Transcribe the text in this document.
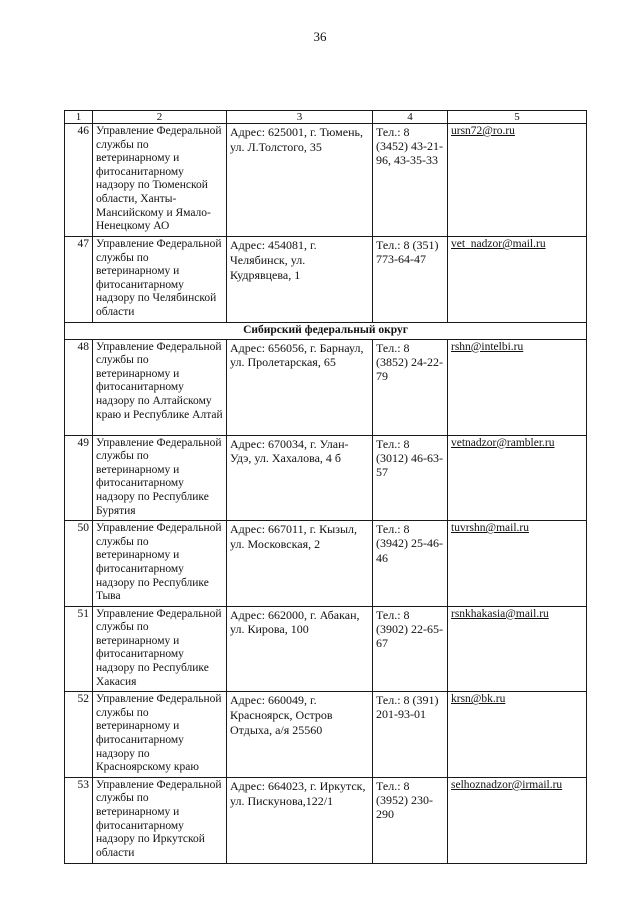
36
1	2	3	4	5
46	Управление Федеральной службы по ветеринарному и фитосанитарному надзору по Тюменской области, Ханты-Мансийскому и Ямало-Ненецкому АО	Адрес: 625001, г. Тюмень, ул. Л.Толстого, 35	Тел.: 8 (3452) 43-21-96, 43-35-33	ursn72@ro.ru
47	Управление Федеральной службы по ветеринарному и фитосанитарному надзору по Челябинской области	Адрес: 454081, г. Челябинск, ул. Кудрявцева, 1	Тел.: 8 (351) 773-64-47	vet_nadzor@mail.ru
Сибирский федеральный округ				
48	Управление Федеральной службы по ветеринарному и фитосанитарному надзору по Алтайскому краю и Республике Алтай	Адрес: 656056, г. Барнаул, ул. Пролетарская, 65	Тел.: 8 (3852) 24-22-79	rshn@intelbi.ru
49	Управление Федеральной службы по ветеринарному и фитосанитарному надзору по Республике Бурятия	Адрес: 670034, г. Улан-Удэ, ул. Хахалова, 4 б	Тел.: 8 (3012) 46-63-57	vetnadzor@rambler.ru
50	Управление Федеральной службы по ветеринарному и фитосанитарному надзору по Республике Тыва	Адрес: 667011, г. Кызыл, ул. Московская, 2	Тел.: 8 (3942) 25-46-46	tuvrshn@mail.ru
51	Управление Федеральной службы по ветеринарному и фитосанитарному надзору по Республике Хакасия	Адрес: 662000, г. Абакан, ул. Кирова, 100	Тел.: 8 (3902) 22-65-67	rsnkhakasia@mail.ru
52	Управление Федеральной службы по ветеринарному и фитосанитарному надзору по Красноярскому краю	Адрес: 660049, г. Красноярск, Остров Отдыха, а/я 25560	Тел.: 8 (391) 201-93-01	krsn@bk.ru
53	Управление Федеральной службы по ветеринарному и фитосанитарному надзору по Иркутской области	Адрес: 664023, г. Иркутск, ул. Пискунова,122/1	Тел.: 8 (3952) 230-290	selhoznadzor@irmail.ru
